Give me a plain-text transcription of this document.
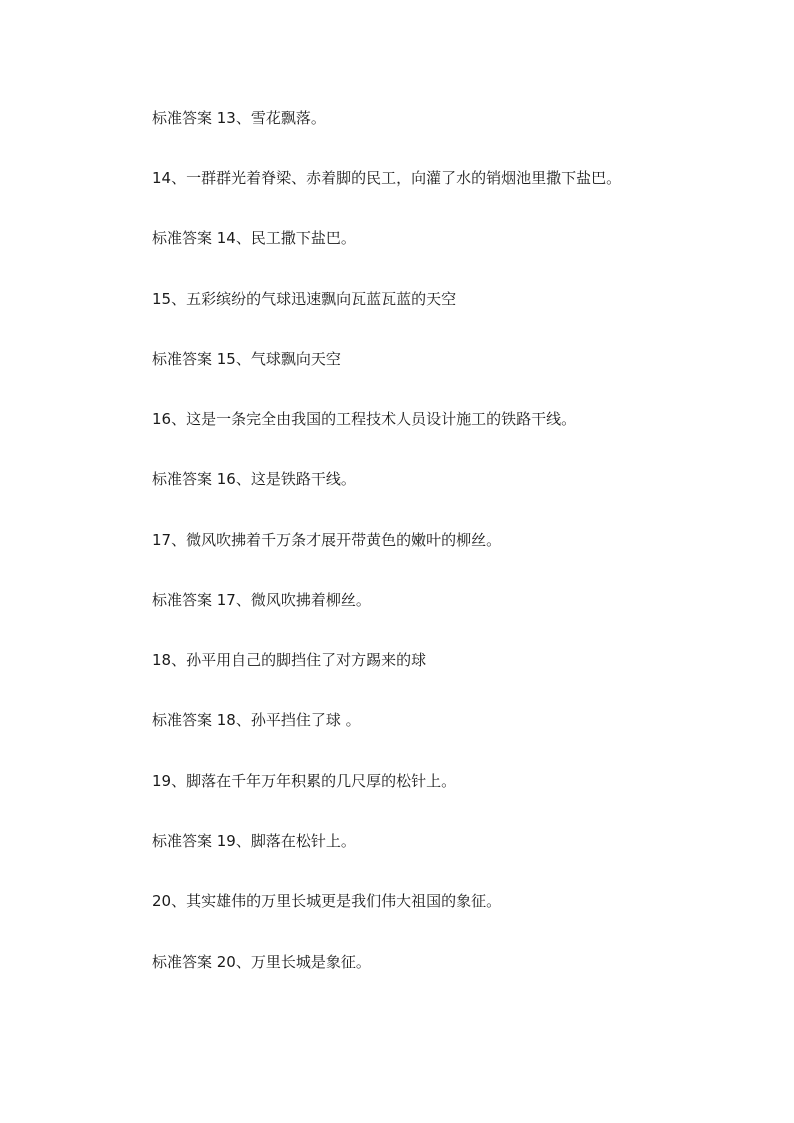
标准答案 13、雪花飘落。
14、一群群光着脊梁、赤着脚的民工，向灌了水的销烟池里撒下盐巴。
标准答案 14、民工撒下盐巴。
15、五彩缤纷的气球迅速飘向瓦蓝瓦蓝的天空
标准答案 15、气球飘向天空
16、这是一条完全由我国的工程技术人员设计施工的铁路干线。
标准答案 16、这是铁路干线。
17、微风吹拂着千万条才展开带黄色的嫩叶的柳丝。
标准答案 17、微风吹拂着柳丝。
18、孙平用自己的脚挡住了对方踢来的球
标准答案 18、孙平挡住了球 。
19、脚落在千年万年积累的几尺厚的松针上。
标准答案 19、脚落在松针上。
20、其实雄伟的万里长城更是我们伟大祖国的象征。
标准答案 20、万里长城是象征。
